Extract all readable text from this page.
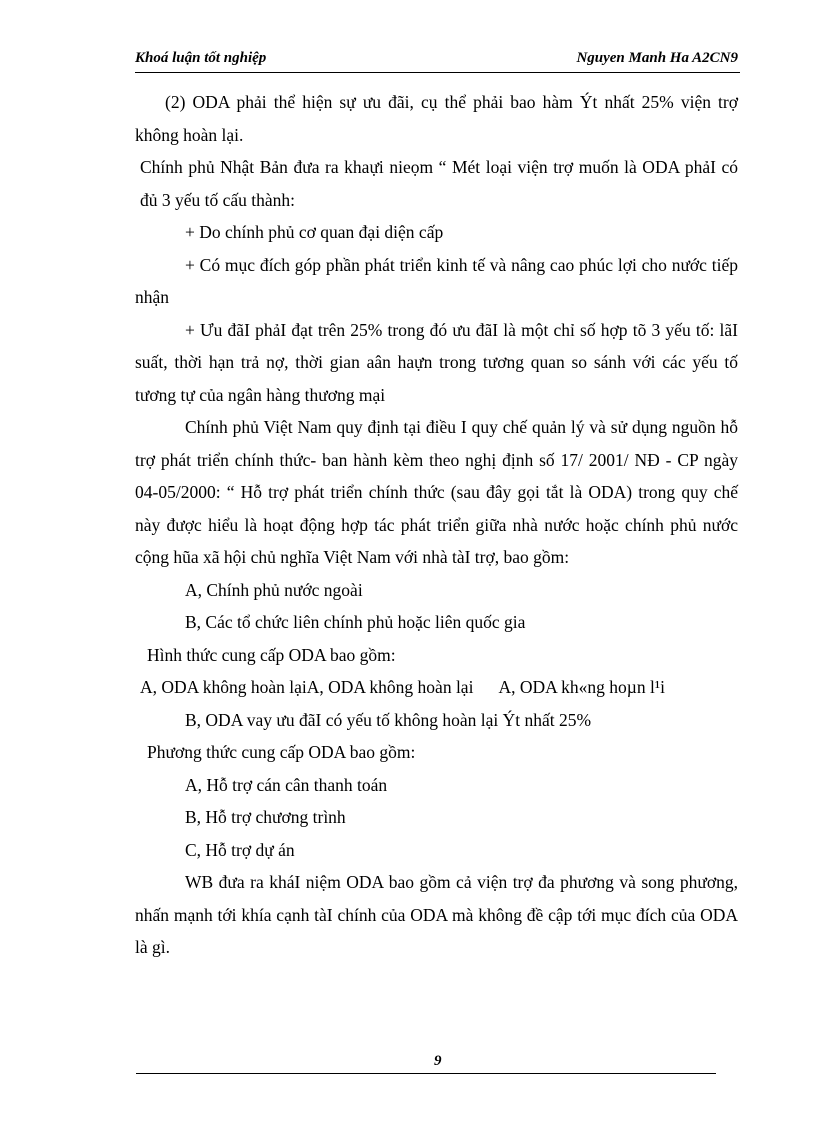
Khoá luận tốt nghiệp	Nguyen Manh Ha A2CN9

(2) ODA phải thể hiện sự ưu đãi, cụ thể phải bao hàm Ýt nhất 25% viện trợ không hoàn lại.

Chính phủ Nhật Bản đưa ra khaựi nieọm “ Mét loại viện trợ muốn là ODA phảI có đủ 3 yếu tố cấu thành:

+ Do chính phủ cơ quan đại diện cấp

+ Có mục đích góp phần phát triển kinh tế và nâng cao phúc lợi cho nước tiếp nhận

+ Ưu đãI phảI đạt trên 25% trong đó ưu đãI là một chỉ số hợp tõ 3 yếu tố: lãI suất, thời hạn trả nợ, thời gian aân haựn trong tương quan so sánh với các yếu tố tương tự của ngân hàng thương mại

Chính phủ Việt Nam quy định tại điều I quy chế quản lý và sử dụng nguồn hỗ trợ phát triển chính thức- ban hành kèm theo nghị định số 17/ 2001/ NĐ - CP ngày 04-05/2000: “ Hỗ trợ phát triển chính thức (sau đây gọi tắt là ODA) trong quy chế này được hiểu là hoạt động hợp tác phát triển giữa nhà nước hoặc chính phủ nước cộng hũa xã hội chủ nghĩa Việt Nam với nhà tàI trợ, bao gồm:

A, Chính phủ nước ngoài

B, Các tổ chức liên chính phủ hoặc liên quốc gia

Hình thức cung cấp ODA bao gồm:

A, ODA không hoàn lạiA, ODA không hoàn lại A, ODA kh«ng hoµn l¹i

B, ODA vay ưu đãI có yếu tố không hoàn lại Ýt nhất 25%

Phương thức cung cấp ODA bao gồm:

A, Hỗ trợ cán cân thanh toán

B, Hỗ trợ chương trình

C, Hỗ trợ dự án

WB đưa ra kháI niệm ODA bao gồm cả viện trợ đa phương và song phương, nhấn mạnh tới khía cạnh tàI chính của ODA mà không đề cập tới mục đích của ODA là gì.

9
